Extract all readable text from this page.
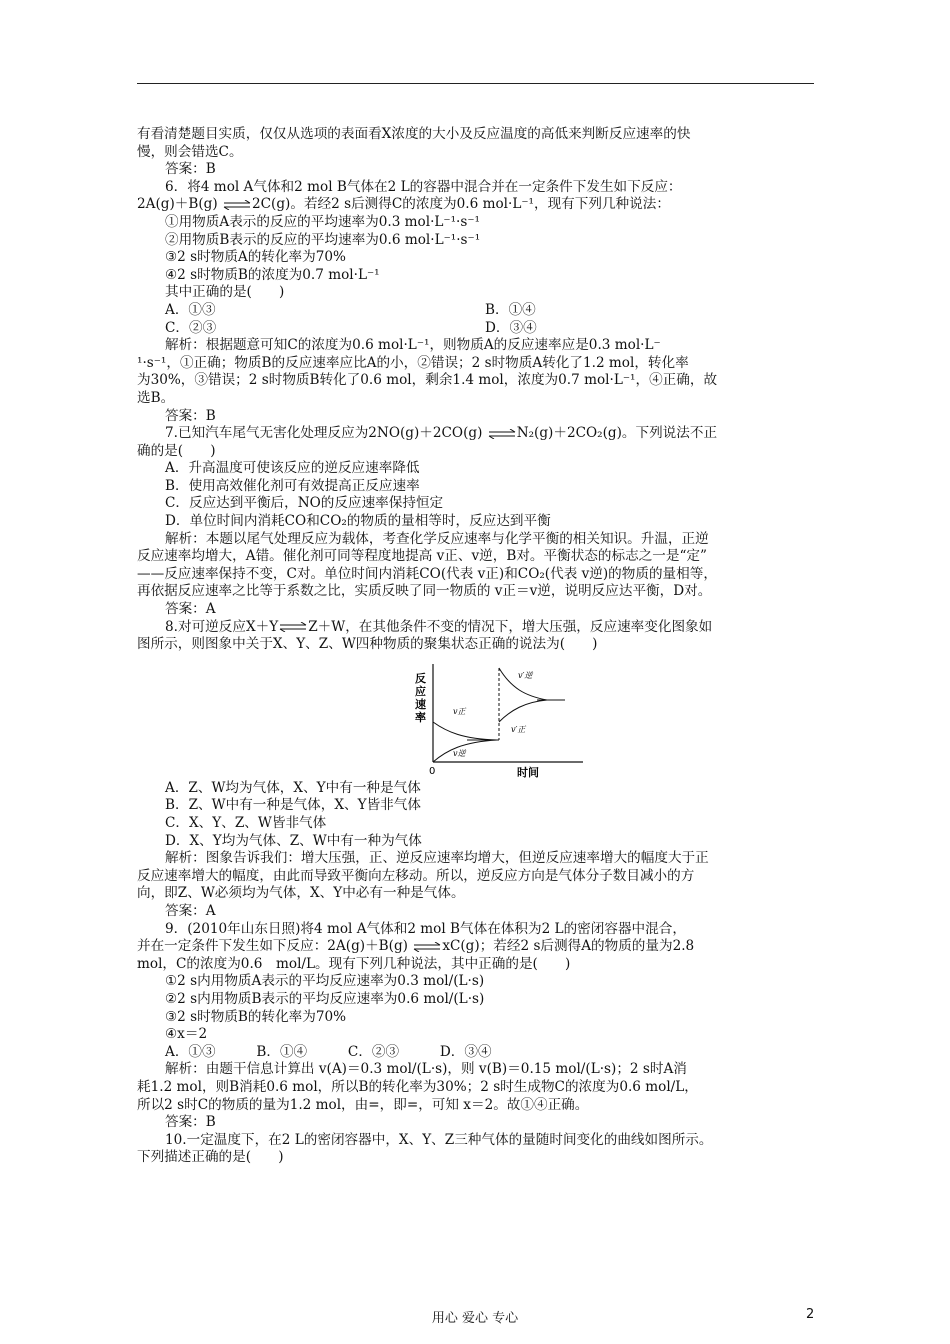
有看清楚题目实质，仅仅从选项的表面看X浓度的大小及反应温度的高低来判断反应速率的快
慢，则会错选C。
答案：B
6．将4 mol A气体和2 mol B气体在2 L的容器中混合并在一定条件下发生如下反应：
2A(g)＋B(g) ⇌2C(g)。若经2 s后测得C的浓度为0.6 mol·L⁻¹，现有下列几种说法：
①用物质A表示的反应的平均速率为0.3 mol·L⁻¹·s⁻¹
②用物质B表示的反应的平均速率为0.6 mol·L⁻¹·s⁻¹
③2 s时物质A的转化率为70%
④2 s时物质B的浓度为0.7 mol·L⁻¹
其中正确的是(　　)
A．①③	B．①④
C．②③	D．③④
解析：根据题意可知C的浓度为0.6 mol·L⁻¹，则物质A的反应速率应是0.3 mol·L⁻
¹·s⁻¹，①正确；物质B的反应速率应比A的小，②错误；2 s时物质A转化了1.2 mol，转化率
为30%，③错误；2 s时物质B转化了0.6 mol，剩余1.4 mol，浓度为0.7 mol·L⁻¹，④正确，故
选B。
答案：B
7.已知汽车尾气无害化处理反应为2NO(g)＋2CO(g) ⇌N₂(g)＋2CO₂(g)。下列说法不正
确的是(　　)
A．升高温度可使该反应的逆反应速率降低
B．使用高效催化剂可有效提高正反应速率
C．反应达到平衡后，NO的反应速率保持恒定
D．单位时间内消耗CO和CO₂的物质的量相等时，反应达到平衡
解析：本题以尾气处理反应为载体，考查化学反应速率与化学平衡的相关知识。升温，正逆
反应速率均增大，A错。催化剂可同等程度地提高 v正、v逆，B对。平衡状态的标志之一是“定”
——反应速率保持不变，C对。单位时间内消耗CO(代表 v正)和CO₂(代表 v逆)的物质的量相等，
再依据反应速率之比等于系数之比，实质反映了同一物质的 v正＝v逆，说明反应达平衡，D对。
答案：A
8.对可逆反应X＋Y⇌Z＋W，在其他条件不变的情况下，增大压强，反应速率变化图象如
图所示，则图象中关于X、Y、Z、W四种物质的聚集状态正确的说法为(　　)
反
应
速
率
0	时间
v正
v逆
v′逆
v′正
A．Z、W均为气体，X、Y中有一种是气体
B．Z、W中有一种是气体，X、Y皆非气体
C．X、Y、Z、W皆非气体
D．X、Y均为气体、Z、W中有一种为气体
解析：图象告诉我们：增大压强，正、逆反应速率均增大，但逆反应速率增大的幅度大于正
反应速率增大的幅度，由此而导致平衡向左移动。所以，逆反应方向是气体分子数目减小的方
向，即Z、W必须均为气体，X、Y中必有一种是气体。
答案：A
9．(2010年山东日照)将4 mol A气体和2 mol B气体在体积为2 L的密闭容器中混合，
并在一定条件下发生如下反应：2A(g)＋B(g) ⇌xC(g)；若经2 s后测得A的物质的量为2.8
mol，C的浓度为0.6　mol/L。现有下列几种说法，其中正确的是(　　)
①2 s内用物质A表示的平均反应速率为0.3 mol/(L·s)
②2 s内用物质B表示的平均反应速率为0.6 mol/(L·s)
③2 s时物质B的转化率为70%
④x＝2
A．①③　　　B．①④　　　C．②③　　　D．③④
解析：由题干信息计算出 v(A)＝0.3 mol/(L·s)，则 v(B)＝0.15 mol/(L·s)；2 s时A消
耗1.2 mol，则B消耗0.6 mol，所以B的转化率为30%；2 s时生成物C的浓度为0.6 mol/L，
所以2 s时C的物质的量为1.2 mol，由=，即=，可知 x＝2。故①④正确。
答案：B
10.一定温度下，在2 L的密闭容器中，X、Y、Z三种气体的量随时间变化的曲线如图所示。
下列描述正确的是(　　)
用心 爱心 专心	2
